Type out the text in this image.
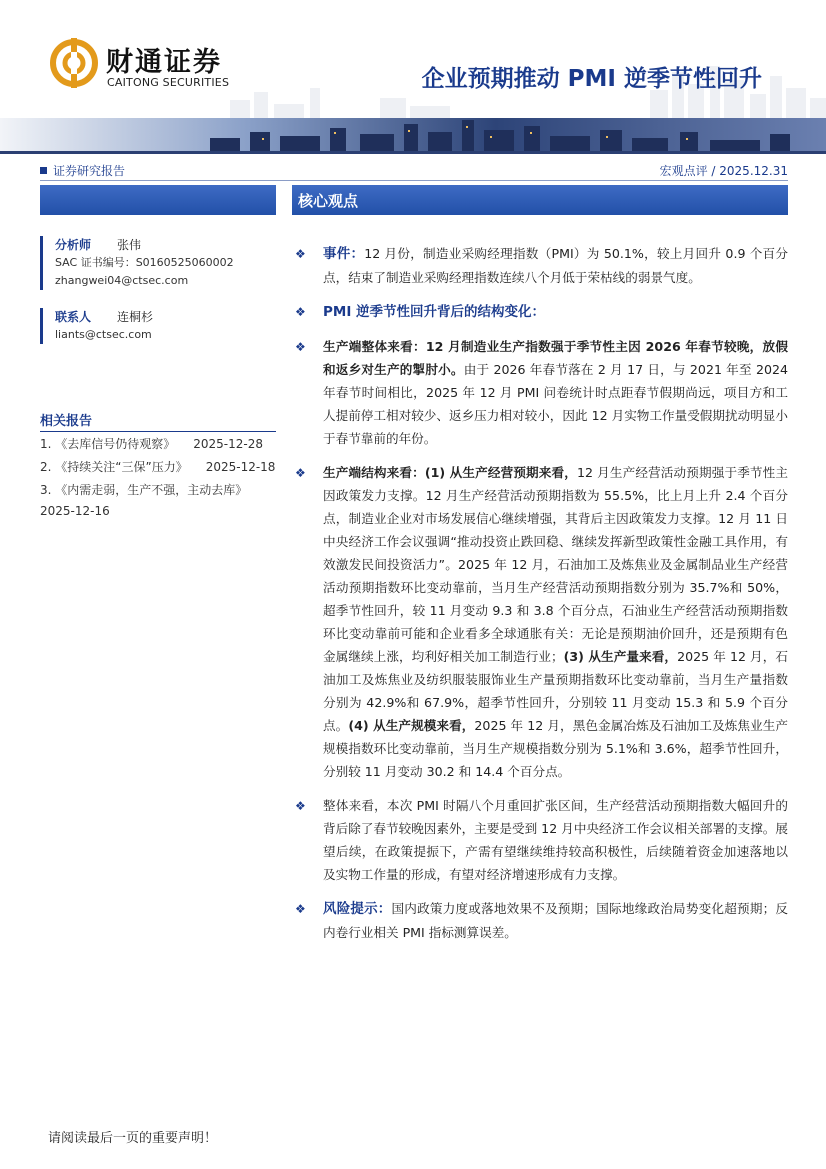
财通证券
CAITONG SECURITIES	企业预期推动 PMI 逆季节性回升
证券研究报告	宏观点评 / 2025.12.31
核心观点
分析师 张伟
SAC 证书编号：S0160525060002
zhangwei04@ctsec.com
联系人 连桐杉
liants@ctsec.com
相关报告
1. 《去库信号仍待观察》　　2025-12-28
2. 《持续关注“三保”压力》　　2025-12-18
3. 《内需走弱，生产不强，主动去库》 2025-12-16
❖ 事件：12 月份，制造业采购经理指数（PMI）为 50.1%，较上月回升 0.9 个百分点，结束了制造业采购经理指数连续八个月低于荣枯线的弱景气度。
❖ PMI 逆季节性回升背后的结构变化：
❖ 生产端整体来看：12 月制造业生产指数强于季节性主因 2026 年春节较晚，放假和返乡对生产的掣肘小。由于 2026 年春节落在 2 月 17 日，与 2021 年至 2024 年春节时间相比，2025 年 12 月 PMI 问卷统计时点距春节假期尚远，项目方和工人提前停工相对较少、返乡压力相对较小，因此 12 月实物工作量受假期扰动明显小于春节靠前的年份。
❖ 生产端结构来看：(1) 从生产经营预期来看，12 月生产经营活动预期强于季节性主因政策发力支撑。12 月生产经营活动预期指数为 55.5%，比上月上升 2.4 个百分点，制造业企业对市场发展信心继续增强，其背后主因政策发力支撑。12 月 11 日中央经济工作会议强调“推动投资止跌回稳、继续发挥新型政策性金融工具作用，有效激发民间投资活力”。2025 年 12 月，石油加工及炼焦业及金属制品业生产经营活动预期指数环比变动靠前，当月生产经营活动预期指数分别为 35.7%和 50%，超季节性回升，较 11 月变动 9.3 和 3.8 个百分点，石油业生产经营活动预期指数环比变动靠前可能和企业看多全球通胀有关：无论是预期油价回升，还是预期有色金属继续上涨，均利好相关加工制造行业；(3) 从生产量来看，2025 年 12 月，石油加工及炼焦业及纺织服装服饰业生产量预期指数环比变动靠前，当月生产量指数分别为 42.9%和 67.9%，超季节性回升，分别较 11 月变动 15.3 和 5.9 个百分点。(4) 从生产规模来看，2025 年 12 月，黑色金属冶炼及石油加工及炼焦业生产规模指数环比变动靠前，当月生产规模指数分别为 5.1%和 3.6%，超季节性回升，分别较 11 月变动 30.2 和 14.4 个百分点。
❖ 整体来看，本次 PMI 时隔八个月重回扩张区间，生产经营活动预期指数大幅回升的背后除了春节较晚因素外，主要是受到 12 月中央经济工作会议相关部署的支撑。展望后续，在政策提振下，产需有望继续维持较高积极性，后续随着资金加速落地以及实物工作量的形成，有望对经济增速形成有力支撑。
❖ 风险提示：国内政策力度或落地效果不及预期；国际地缘政治局势变化超预期；反内卷行业相关 PMI 指标测算误差。
请阅读最后一页的重要声明！
